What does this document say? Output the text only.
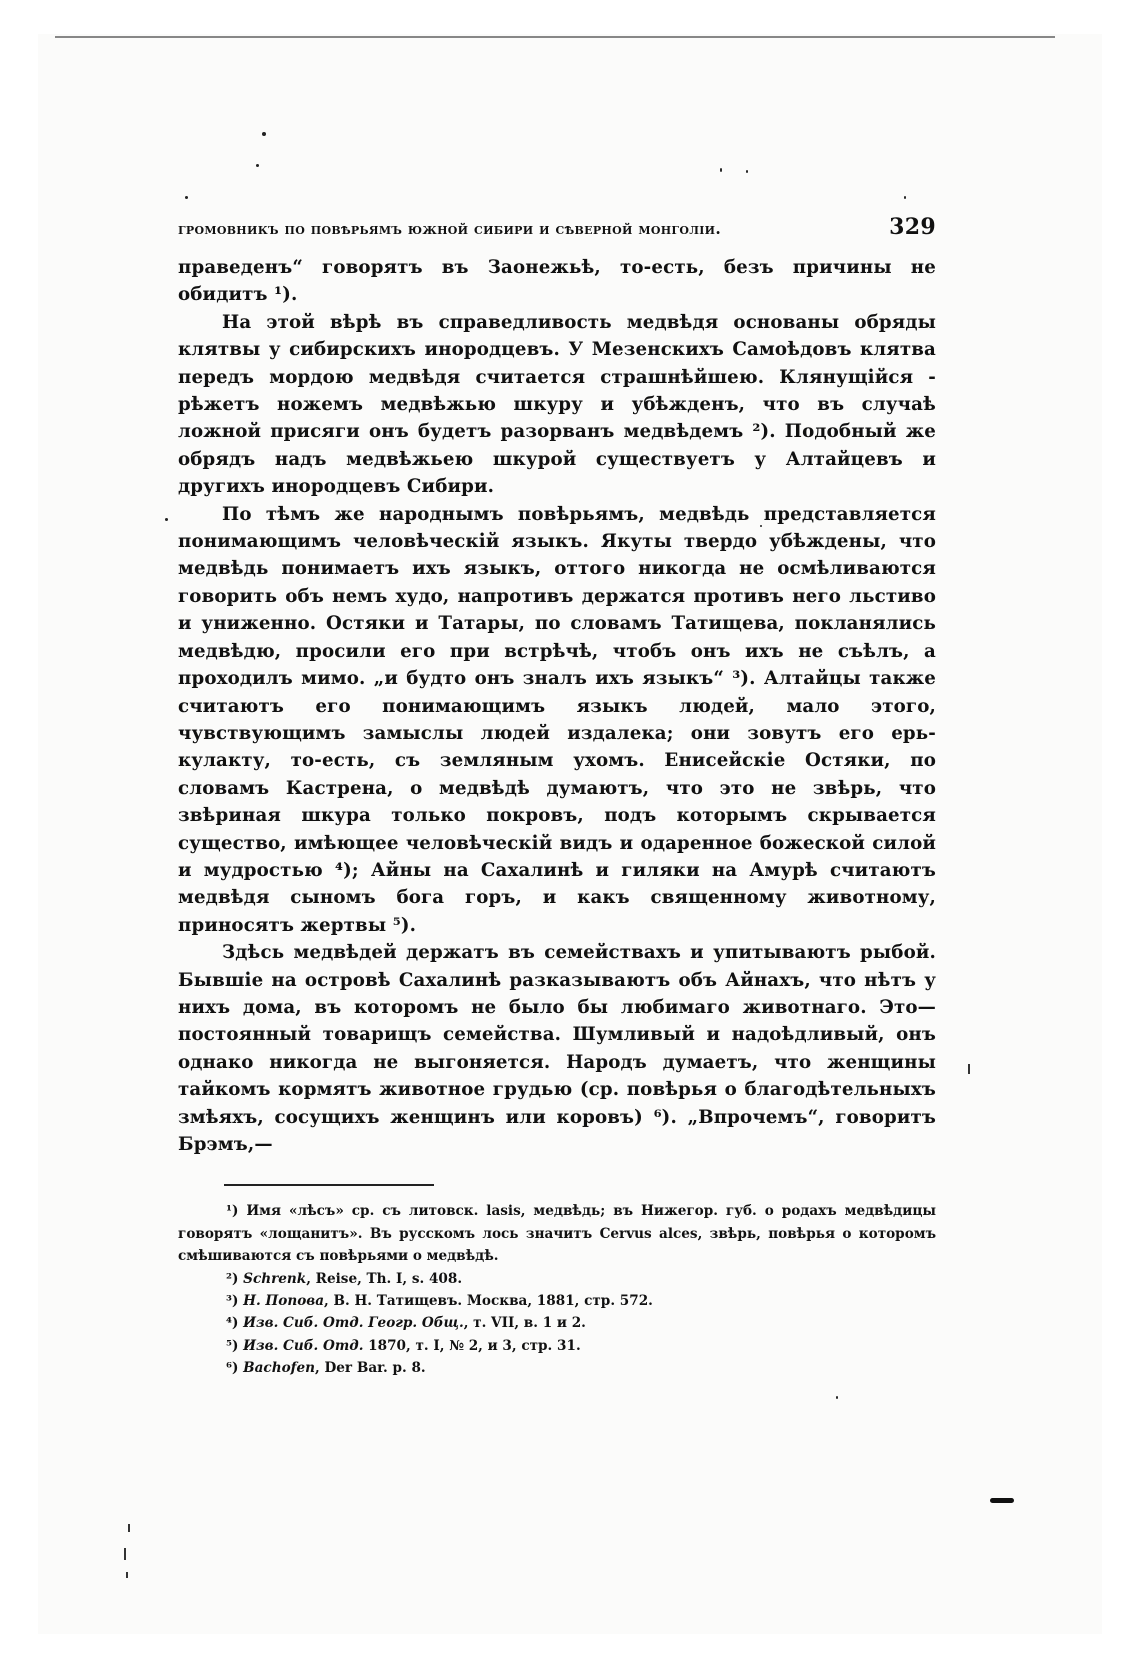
громовникъ по повѣрьямъ южной сибири и сѣверной монголіи.	329

праведенъ“ говорятъ въ Заонежьѣ, то-есть, безъ причины не обидитъ ¹).

На этой вѣрѣ въ справедливость медвѣдя основаны обряды клятвы у сибирскихъ инородцевъ. У Мезенскихъ Самоѣдовъ клятва передъ мордою медвѣдя считается страшнѣйшею. Клянущійся - рѣжетъ ножемъ медвѣжью шкуру и убѣжденъ, что въ случаѣ ложной присяги онъ будетъ разорванъ медвѣдемъ ²). Подобный же обрядъ надъ медвѣжьею шкурой существуетъ у Алтайцевъ и другихъ инородцевъ Сибири.

По тѣмъ же народнымъ повѣрьямъ, медвѣдь представляется понимающимъ человѣческій языкъ. Якуты твердо убѣждены, что медвѣдь понимаетъ ихъ языкъ, оттого никогда не осмѣливаются говорить объ немъ худо, напротивъ держатся противъ него льстиво и униженно. Остяки и Татары, по словамъ Татищева, покланялись медвѣдю, просили его при встрѣчѣ, чтобъ онъ ихъ не съѣлъ, а проходилъ мимо. „и будто онъ зналъ ихъ языкъ“ ³). Алтайцы также считаютъ его понимающимъ языкъ людей, мало этого, чувствующимъ замыслы людей издалека; они зовутъ его ерь-кулакту, то-есть, съ земляным ухомъ. Енисейскіе Остяки, по словамъ Кастрена, о медвѣдѣ думаютъ, что это не звѣрь, что звѣриная шкура только покровъ, подъ которымъ скрывается существо, имѣющее человѣческій видъ и одаренное божеской силой и мудростью ⁴); Айны на Сахалинѣ и гиляки на Амурѣ считаютъ медвѣдя сыномъ бога горъ, и какъ священному животному, приносятъ жертвы ⁵).

Здѣсь медвѣдей держатъ въ семействахъ и упитываютъ рыбой. Бывшіе на островѣ Сахалинѣ разказываютъ объ Айнахъ, что нѣтъ у нихъ дома, въ которомъ не было бы любимаго животнаго. Это—постоянный товарищъ семейства. Шумливый и надоѣдливый, онъ однако никогда не выгоняется. Народъ думаетъ, что женщины тайкомъ кормятъ животное грудью (ср. повѣрья о благодѣтельныхъ змѣяхъ, сосущихъ женщинъ или коровъ) ⁶). „Впрочемъ“, говоритъ Брэмъ,—

¹) Имя «лѣсъ» ср. съ литовск. lasis, медвѣдь; въ Нижегор. губ. о родахъ медвѣдицы говорятъ «лощанитъ». Въ русскомъ лось значитъ Cervus alces, звѣрь, повѣрья о которомъ смѣшиваются съ повѣрьями о медвѣдѣ.

²) Schrenk, Reise, Th. I, s. 408.

³) Н. Попова, В. Н. Татищевъ. Москва, 1881, стр. 572.

⁴) Изв. Сиб. Отд. Геогр. Общ., т. VII, в. 1 и 2.

⁵) Изв. Сиб. Отд. 1870, т. I, № 2, и 3, стр. 31.

⁶) Bachofen, Der Bar. p. 8.
